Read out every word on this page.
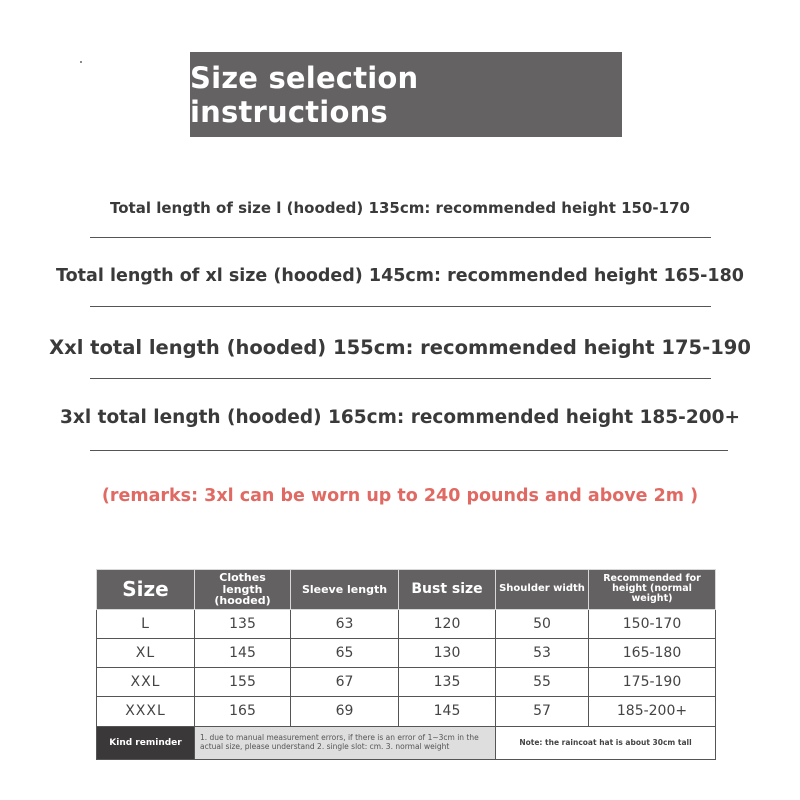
Size selection instructions
Total length of size l (hooded) 135cm: recommended height 150-170
Total length of xl size (hooded) 145cm: recommended height 165-180
Xxl total length (hooded) 155cm: recommended height 175-190
3xl total length (hooded) 165cm: recommended height 185-200+
(remarks: 3xl can be worn up to 240 pounds and above 2m )
Size	Clothes length (hooded)	Sleeve length	Bust size	Shoulder width	Recommended for height (normal weight)
L	135	63	120	50	150-170
XL	145	65	130	53	165-180
XXL	155	67	135	55	175-190
XXXL	165	69	145	57	185-200+
Kind reminder	1. due to manual measurement errors, if there is an error of 1~3cm in the actual size, please understand 2. single slot: cm. 3. normal weight			Note: the raincoat hat is about 30cm tall	
